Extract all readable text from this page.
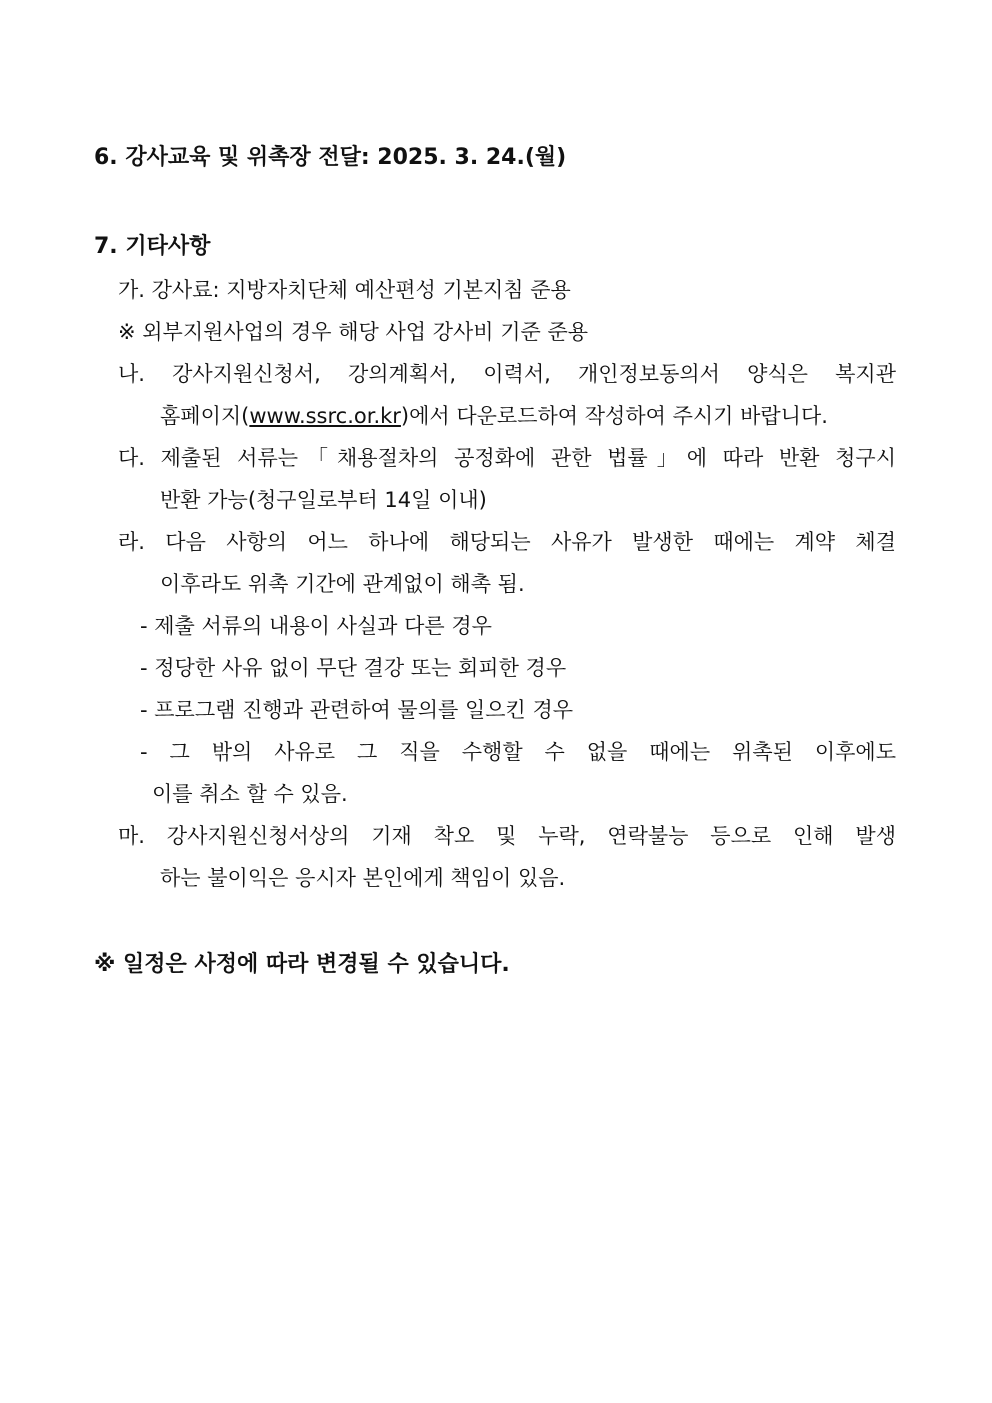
6. 강사교육 및 위촉장 전달: 2025. 3. 24.(월)
7. 기타사항
가. 강사료: 지방자치단체 예산편성 기본지침 준용
※ 외부지원사업의 경우 해당 사업 강사비 기준 준용
나. 강사지원신청서, 강의계획서, 이력서, 개인정보동의서 양식은 복지관
홈페이지(www.ssrc.or.kr)에서 다운로드하여 작성하여 주시기 바랍니다.
다. 제출된 서류는「채용절차의 공정화에 관한 법률」에 따라 반환 청구시
반환 가능(청구일로부터 14일 이내)
라. 다음 사항의 어느 하나에 해당되는 사유가 발생한 때에는 계약 체결
이후라도 위촉 기간에 관계없이 해촉 됨.
- 제출 서류의 내용이 사실과 다른 경우
- 정당한 사유 없이 무단 결강 또는 회피한 경우
- 프로그램 진행과 관련하여 물의를 일으킨 경우
- 그 밖의 사유로 그 직을 수행할 수 없을 때에는 위촉된 이후에도
이를 취소 할 수 있음.
마. 강사지원신청서상의 기재 착오 및 누락, 연락불능 등으로 인해 발생
하는 불이익은 응시자 본인에게 책임이 있음.
※ 일정은 사정에 따라 변경될 수 있습니다.
